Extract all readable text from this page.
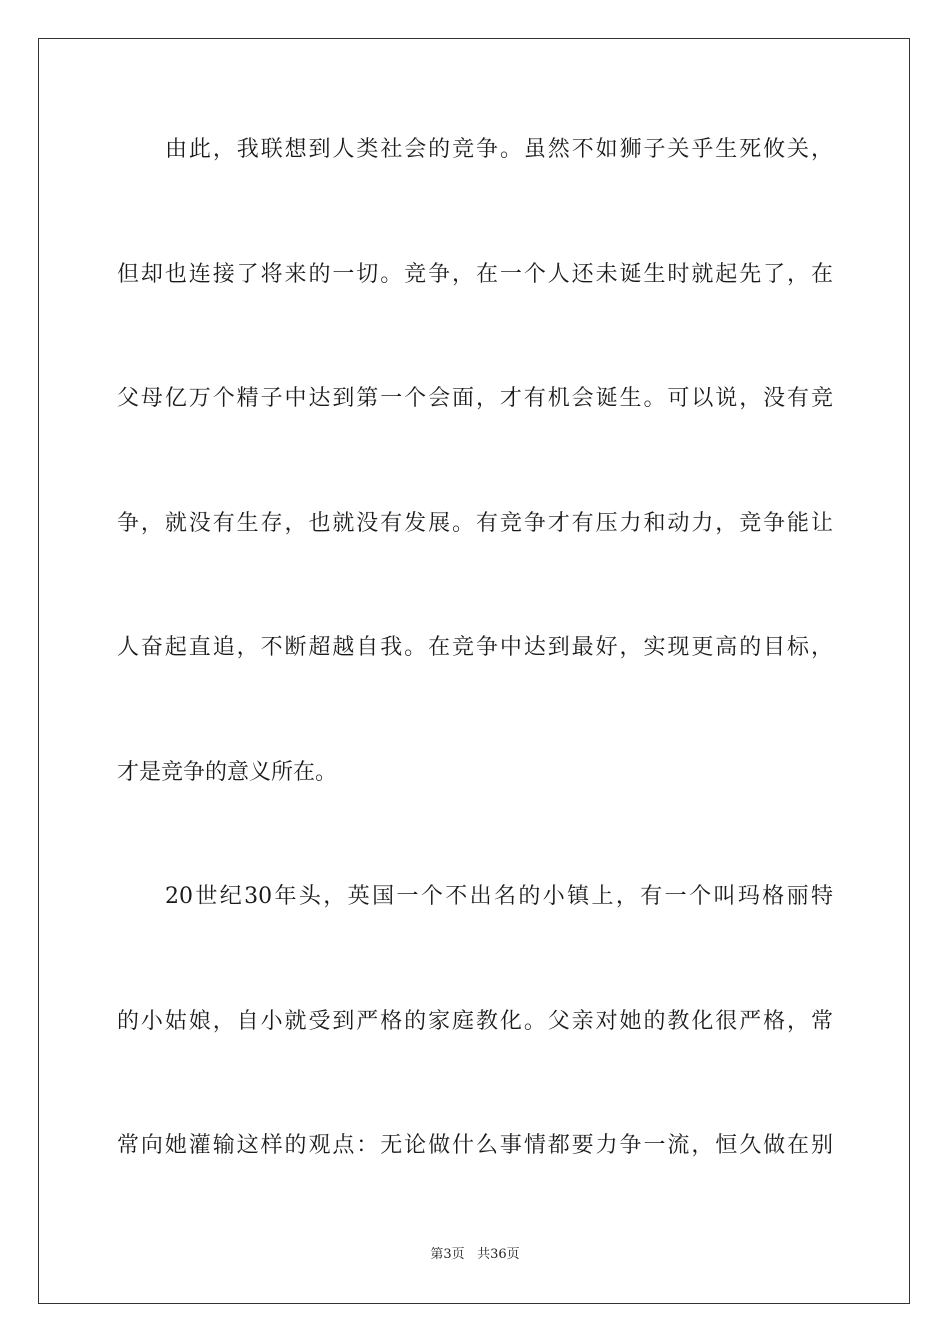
由此，我联想到人类社会的竞争。虽然不如狮子关乎生死攸关，
但却也连接了将来的一切。竞争，在一个人还未诞生时就起先了，在
父母亿万个精子中达到第一个会面，才有机会诞生。可以说，没有竞
争，就没有生存，也就没有发展。有竞争才有压力和动力，竞争能让
人奋起直追，不断超越自我。在竞争中达到最好，实现更高的目标，
才是竞争的意义所在。
20世纪30年头，英国一个不出名的小镇上，有一个叫玛格丽特
的小姑娘，自小就受到严格的家庭教化。父亲对她的教化很严格，常
常向她灌输这样的观点：无论做什么事情都要力争一流，恒久做在别
第3页 共36页
